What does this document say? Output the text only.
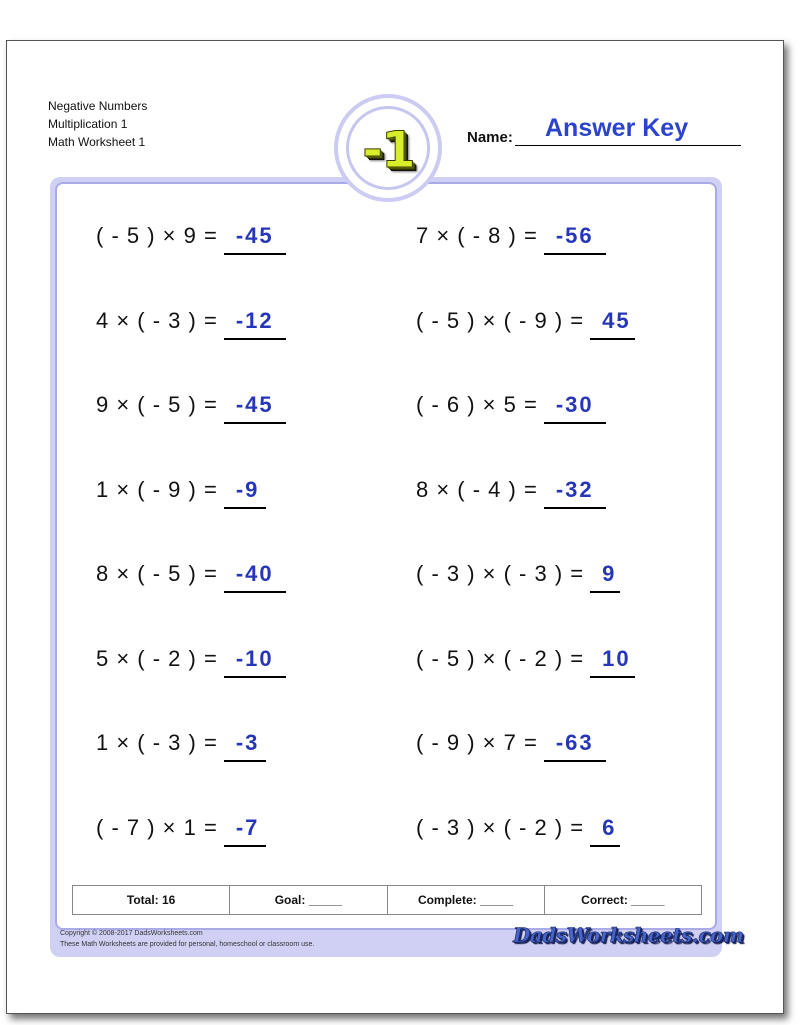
Negative Numbers
Multiplication 1
Math Worksheet 1	-1	Name: Answer Key
( - 5 ) × 9 = -45	7 × ( - 8 ) = -56
4 × ( - 3 ) = -12	( - 5 ) × ( - 9 ) = 45
9 × ( - 5 ) = -45	( - 6 ) × 5 = -30
1 × ( - 9 ) = -9	8 × ( - 4 ) = -32
8 × ( - 5 ) = -40	( - 3 ) × ( - 3 ) = 9
5 × ( - 2 ) = -10	( - 5 ) × ( - 2 ) = 10
1 × ( - 3 ) = -3	( - 9 ) × 7 = -63
( - 7 ) × 1 = -7	( - 3 ) × ( - 2 ) = 6
Total: 16	Goal: _____	Complete: _____	Correct: _____
Copyright © 2008-2017 DadsWorksheets.com
These Math Worksheets are provided for personal, homeschool or classroom use.	DadsWorksheets.com
